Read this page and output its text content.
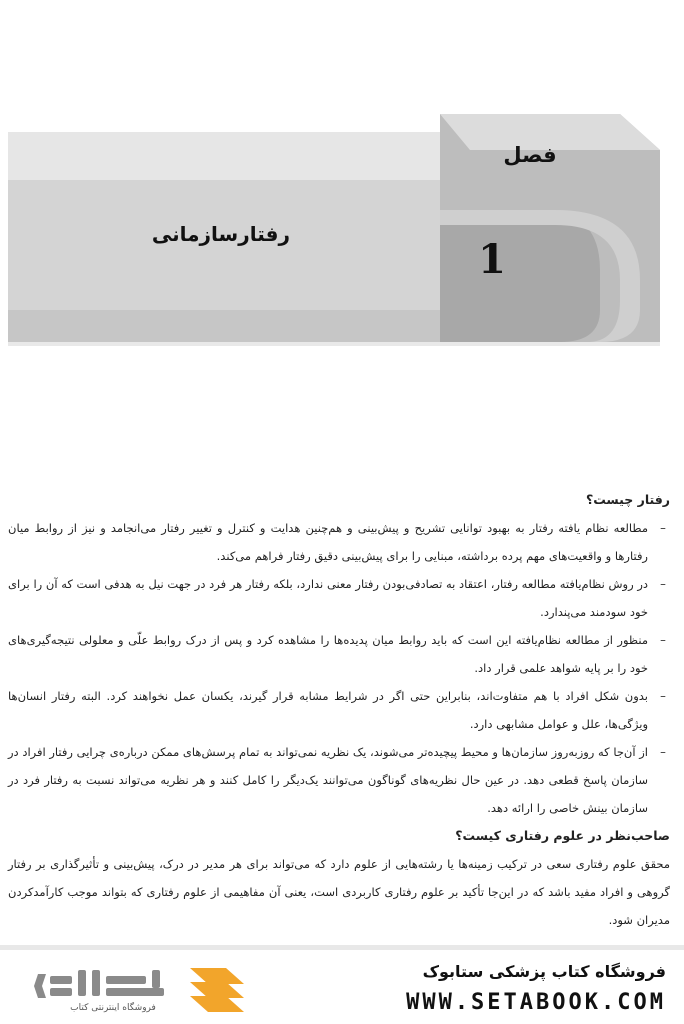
فصل
1
رفتارسازمانی
رفتار چیست؟
–
مطالعه نظام یافته رفتار به بهبود توانایی تشریح و پیش‌بینی و هم‌چنین هدایت و کنترل و تغییر رفتار می‌انجامد و نیز از روابط میان رفتارها و واقعیت‌های مهم پرده برداشته، مبنایی را برای پیش‌بینی دقیق رفتار فراهم می‌کند.
–
در روش نظام‌یافته مطالعه رفتار، اعتقاد به تصادفی‌بودن رفتار معنی ندارد، بلکه رفتار هر فرد در جهت نیل به هدفی است که آن را برای خود سودمند می‌پندارد.
–
منظور از مطالعه نظام‌یافته این است که باید روابط میان پدیده‌ها را مشاهده کرد و پس از درک روابط علّی و معلولی نتیجه‌گیری‌های خود را بر پایه شواهد علمی قرار داد.
–
بدون شکل افراد با هم متفاوت‌اند، بنابراین حتی اگر در شرایط مشابه قرار گیرند، یکسان عمل نخواهند کرد. البته رفتار انسان‌ها ویژگی‌ها، علل و عوامل مشابهی دارد.
–
از آن‌جا که روزبه‌روز سازمان‌ها و محیط پیچیده‌تر می‌شوند، یک نظریه نمی‌تواند به تمام پرسش‌های ممکن درباره‌ی چرایی رفتار افراد در سازمان پاسخ قطعی دهد. در عین حال نظریه‌های گوناگون می‌توانند یک‌دیگر را کامل کنند و هر نظریه می‌تواند نسبت به رفتار فرد در سازمان بینش خاصی را ارائه دهد.
صاحب‌نظر در علوم رفتاری کیست؟
محقق علوم رفتاری سعی در ترکیب زمینه‌ها یا رشته‌هایی از علوم دارد که می‌تواند برای هر مدیر در درک، پیش‌بینی و تأثیرگذاری بر رفتار گروهی و افراد مفید باشد که در این‌جا تأکید بر علوم رفتاری کاربردی است، یعنی آن مفاهیمی از علوم رفتاری که بتواند موجب کارآمدکردن مدیران شود.
فروشگاه کتاب پزشکی ستابوک
WWW.SETABOOK.COM
فروشگاه اینترنتی کتاب
